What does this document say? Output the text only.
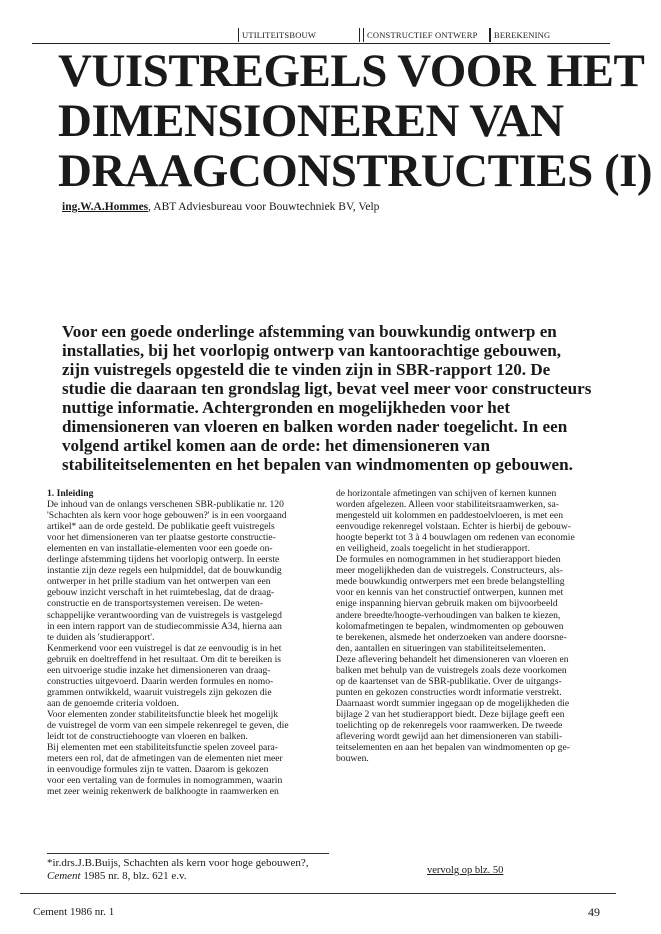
UTILITEITSBOUW	CONSTRUCTIEF ONTWERP	BEREKENING
VUISTREGELS VOOR HET
DIMENSIONEREN VAN
DRAAGCONSTRUCTIES (I)
ing.W.A.Hommes, ABT Adviesbureau voor Bouwtechniek BV, Velp

Voor een goede onderlinge afstemming van bouwkundig ontwerp en
installaties, bij het voorlopig ontwerp van kantoorachtige gebouwen,
zijn vuistregels opgesteld die te vinden zijn in SBR-rapport 120. De
studie die daaraan ten grondslag ligt, bevat veel meer voor constructeurs
nuttige informatie. Achtergronden en mogelijkheden voor het
dimensioneren van vloeren en balken worden nader toegelicht. In een
volgend artikel komen aan de orde: het dimensioneren van
stabiliteitselementen en het bepalen van windmomenten op gebouwen.

1. Inleiding
De inhoud van de onlangs verschenen SBR-publikatie nr. 120
'Schachten als kern voor hoge gebouwen?' is in een voorgaand
artikel* aan de orde gesteld. De publikatie geeft vuistregels
voor het dimensioneren van ter plaatse gestorte constructie-
elementen en van installatie-elementen voor een goede on-
derlinge afstemming tijdens het voorlopig ontwerp. In eerste
instantie zijn deze regels een hulpmiddel, dat de bouwkundig
ontwerper in het prille stadium van het ontwerpen van een
gebouw inzicht verschaft in het ruimtebeslag, dat de draag-
constructie en de transportsystemen vereisen. De weten-
schappelijke verantwoording van de vuistregels is vastgelegd
in een intern rapport van de studiecommissie A34, hierna aan
te duiden als 'studierapport'.
Kenmerkend voor een vuistregel is dat ze eenvoudig is in het
gebruik en doeltreffend in het resultaat. Om dit te bereiken is
een uitvoerige studie inzake het dimensioneren van draag-
constructies uitgevoerd. Daarin werden formules en nomo-
grammen ontwikkeld, waaruit vuistregels zijn gekozen die
aan de genoemde criteria voldoen.
Voor elementen zonder stabiliteitsfunctie bleek het mogelijk
de vuistregel de vorm van een simpele rekenregel te geven, die
leidt tot de constructiehoogte van vloeren en balken.
Bij elementen met een stabiliteitsfunctie spelen zoveel para-
meters een rol, dat de afmetingen van de elementen niet meer
in eenvoudige formules zijn te vatten. Daarom is gekozen
voor een vertaling van de formules in nomogrammen, waarin
met zeer weinig rekenwerk de balkhoogte in raamwerken en
de horizontale afmetingen van schijven of kernen kunnen
worden afgelezen. Alleen voor stabiliteitsraamwerken, sa-
mengesteld uit kolommen en paddestoelvloeren, is met een
eenvoudige rekenregel volstaan. Echter is hierbij de gebouw-
hoogte beperkt tot 3 à 4 bouwlagen om redenen van economie
en veiligheid, zoals toegelicht in het studierapport.
De formules en nomogrammen in het studierapport bieden
meer mogelijkheden dan de vuistregels. Constructeurs, als-
mede bouwkundig ontwerpers met een brede belangstelling
voor en kennis van het constructief ontwerpen, kunnen met
enige inspanning hiervan gebruik maken om bijvoorbeeld
andere breedte/hoogte-verhoudingen van balken te kiezen,
kolomafmetingen te bepalen, windmomenten op gebouwen
te berekenen, alsmede het onderzoeken van andere doorsne-
den, aantallen en situeringen van stabiliteitselementen.
Deze aflevering behandelt het dimensioneren van vloeren en
balken met behulp van de vuistregels zoals deze voorkomen
op de kaartenset van de SBR-publikatie. Over de uitgangs-
punten en gekozen constructies wordt informatie verstrekt.
Daarnaast wordt summier ingegaan op de mogelijkheden die
bijlage 2 van het studierapport biedt. Deze bijlage geeft een
toelichting op de rekenregels voor raamwerken. De tweede
aflevering wordt gewijd aan het dimensioneren van stabili-
teitselementen en aan het bepalen van windmomenten op ge-
bouwen.
*ir.drs.J.B.Buijs, Schachten als kern voor hoge gebouwen?,
Cement 1985 nr. 8, blz. 621 e.v.	vervolg op blz. 50
Cement 1986 nr. 1	49
